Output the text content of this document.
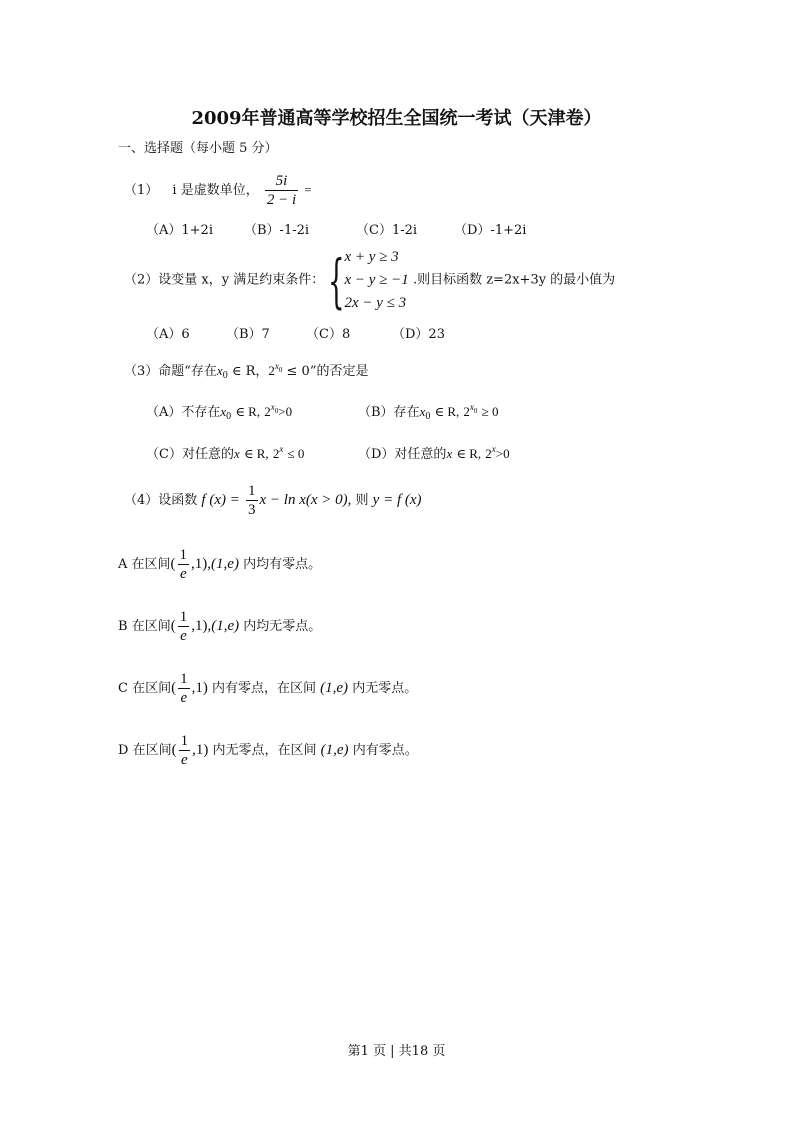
2009年普通高等学校招生全国统一考试（天津卷）
一、选择题（每小题 5 分）
（1） i 是虚数单位， $\frac{5i}{2 - i}$ =
（A）1+2i （B）-1-2i	（C）1-2i	（D）-1+2i
（2）设变量 x，y 满足约束条件： { x + y ≥ 3
x − y ≥ −1
2x − y ≤ 3
.则目标函数 z=2x+3y 的最小值为
（A）6	（B）7	（C）8	（D）23
（3）命题“存在$x_0$ ∈ R，$2^{x_0} \le 0$”的否定是
（A）不存在$x_0$ ∈ R, $2^{x_0}>0$	（B）存在$x_0$ ∈ R, $2^{x_0} \ge 0$
（C）对任意的x ∈ R, $2^x \le 0$	（D）对任意的x ∈ R, $2^x>0$
（4）设函数 f $(x) = \frac{1}{3}$ x − ln x(x > 0), 则 y = f (x)
A 在区间( $\frac{1}{e} ,1),(1,e)$ 内均有零点。
B 在区间( $\frac{1}{e} ,1),(1,e)$ 内均无零点。
C 在区间( $\frac{1}{e} ,1$) 内有零点，在区间 (1,e) 内无零点。
D 在区间( $\frac{1}{e} ,1$) 内无零点，在区间 (1,e) 内有零点。
第1 页 | 共18 页
